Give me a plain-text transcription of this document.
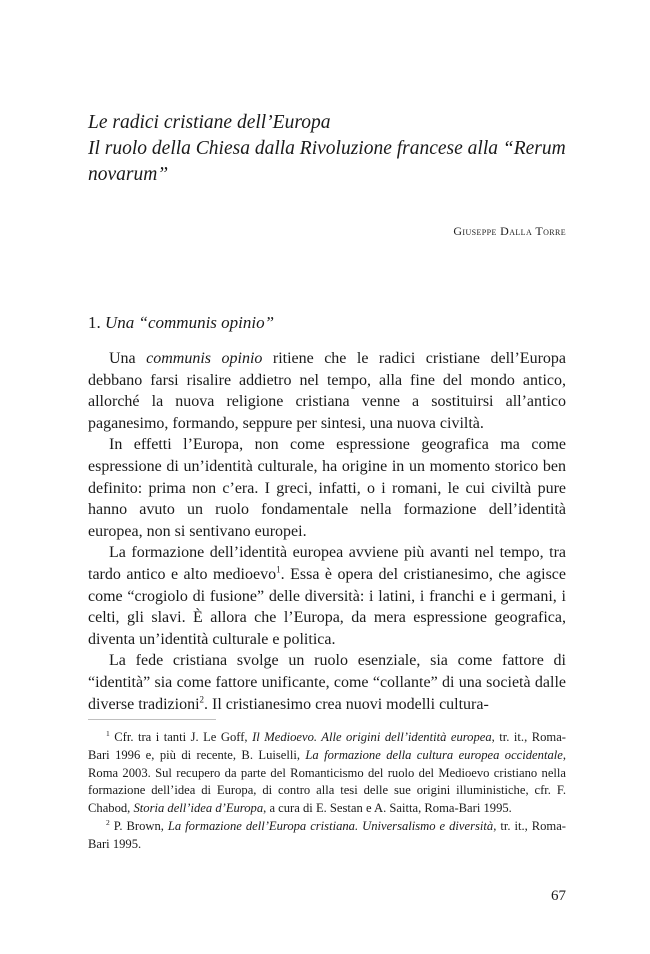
Le radici cristiane dell’Europa
Il ruolo della Chiesa dalla Rivoluzione francese alla “Rerum
novarum”
Giuseppe Dalla Torre
1. Una “communis opinio”

Una communis opinio ritiene che le radici cristiane dell’Europa debbano farsi risalire addietro nel tempo, alla fine del mondo antico, allorché la nuova religione cristiana venne a sostituirsi all’antico paganesimo, formando, seppure per sintesi, una nuova civiltà.

In effetti l’Europa, non come espressione geografica ma come espressione di un’identità culturale, ha origine in un momento storico ben definito: prima non c’era. I greci, infatti, o i romani, le cui civiltà pure hanno avuto un ruolo fondamentale nella formazione dell’identità europea, non si sentivano europei.

La formazione dell’identità europea avviene più avanti nel tempo, tra tardo antico e alto medioevo$^1$. Essa è opera del cristianesimo, che agisce come “crogiolo di fusione” delle diversità: i latini, i franchi e i germani, i celti, gli slavi. È allora che l’Europa, da mera espressione geografica, diventa un’identità culturale e politica.

La fede cristiana svolge un ruolo esenziale, sia come fattore di “identità” sia come fattore unificante, come “collante” di una società dalle diverse tradizioni$^2$. Il cristianesimo crea nuovi modelli cultura-

$^1$ Cfr. tra i tanti J. Le Goff, Il Medioevo. Alle origini dell’identità europea, tr. it., Roma-Bari 1996 e, più di recente, B. Luiselli, La formazione della cultura europea occidentale, Roma 2003. Sul recupero da parte del Romanticismo del ruolo del Medioevo cristiano nella formazione dell’idea di Europa, di contro alla tesi delle sue origini illuministiche, cfr. F. Chabod, Storia dell’idea d’Europa, a cura di E. Sestan e A. Saitta, Roma-Bari 1995.

$^2$ P. Brown, La formazione dell’Europa cristiana. Universalismo e diversità, tr. it., Roma-Bari 1995.

67
